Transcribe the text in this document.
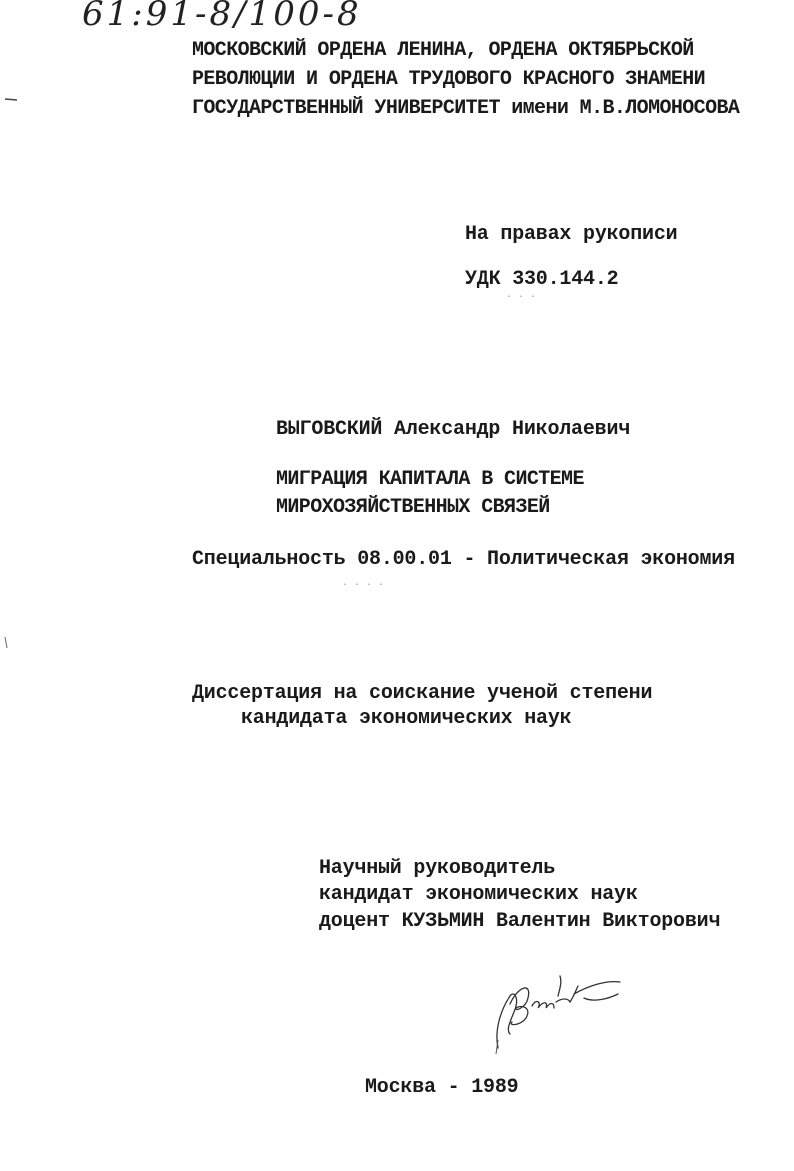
61:91-8/100-8
МОСКОВСКИЙ ОРДЕНА ЛЕНИНА, ОРДЕНА ОКТЯБРЬСКОЙ
РЕВОЛЮЦИИ И ОРДЕНА ТРУДОВОГО КРАСНОГО ЗНАМЕНИ
ГОСУДАРСТВЕННЫЙ УНИВЕРСИТЕТ имени М.В.ЛОМОНОСОВА
На правах рукописи
УДК 330.144.2
...
ВЫГОВСКИЙ Александр Николаевич
МИГРАЦИЯ КАПИТАЛА В СИСТЕМЕ
МИРОХОЗЯЙСТВЕННЫХ СВЯЗЕЙ
Специальность 08.00.01 - Политическая экономия
....
Диссертация на соискание ученой степени
кандидата экономических наук
Научный руководитель
кандидат экономических наук
доцент КУЗЬМИН Валентин Викторович
Москва - 1989
